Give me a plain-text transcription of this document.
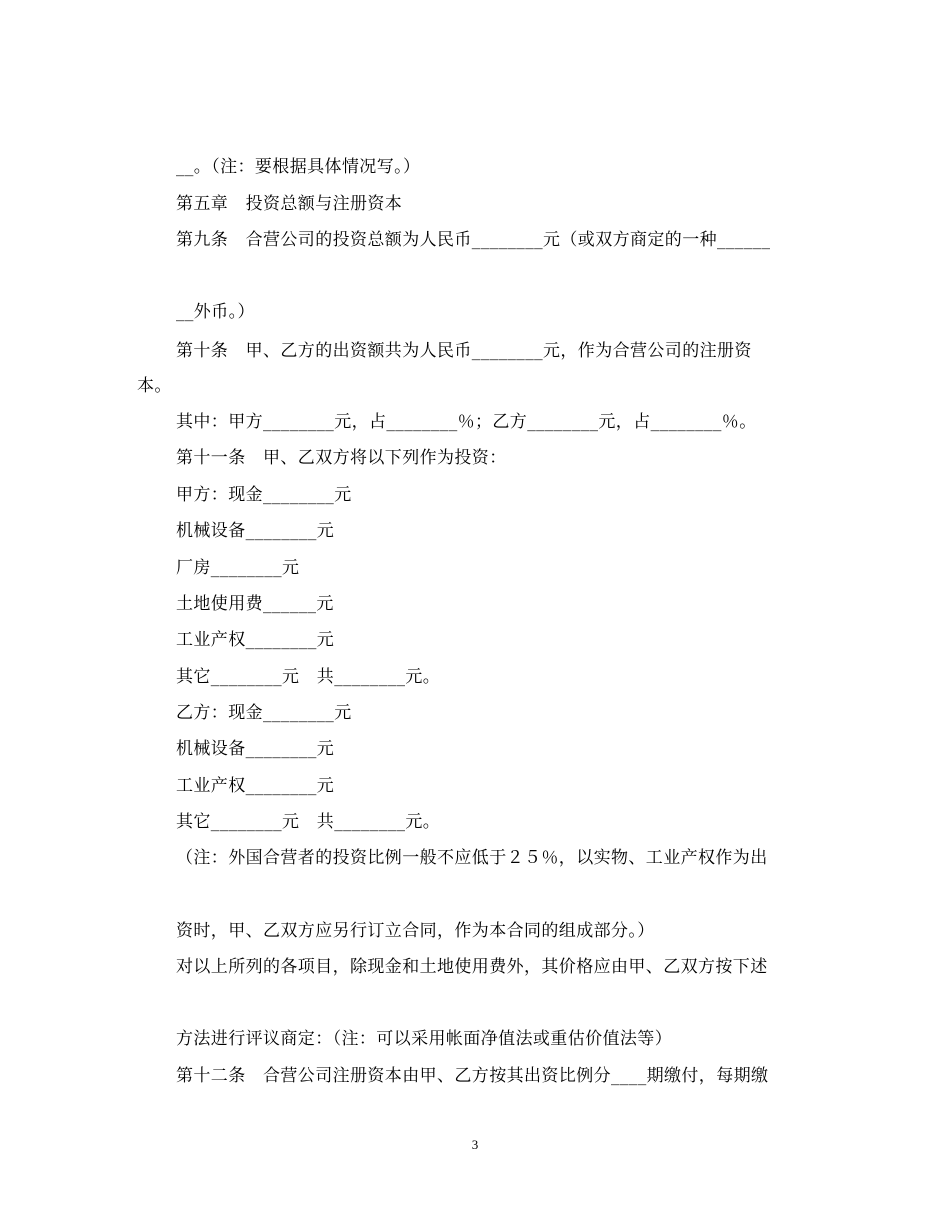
__。（注：要根据具体情况写。）
第五章　投资总额与注册资本
第九条　合营公司的投资总额为人民币________元（或双方商定的一种______
__外币。）
第十条　甲、乙方的出资额共为人民币________元，作为合营公司的注册资
本。
其中：甲方________元，占________％；乙方________元，占________％。
第十一条　甲、乙双方将以下列作为投资：
甲方：现金________元
机械设备________元
厂房________元
土地使用费______元
工业产权________元
其它________元　共________元。
乙方：现金________元
机械设备________元
工业产权________元
其它________元　共________元。
（注：外国合营者的投资比例一般不应低于２５％，以实物、工业产权作为出
资时，甲、乙双方应另行订立合同，作为本合同的组成部分。）
对以上所列的各项目，除现金和土地使用费外，其价格应由甲、乙双方按下述
方法进行评议商定：（注：可以采用帐面净值法或重估价值法等）
第十二条　合营公司注册资本由甲、乙方按其出资比例分____期缴付，每期缴
3
